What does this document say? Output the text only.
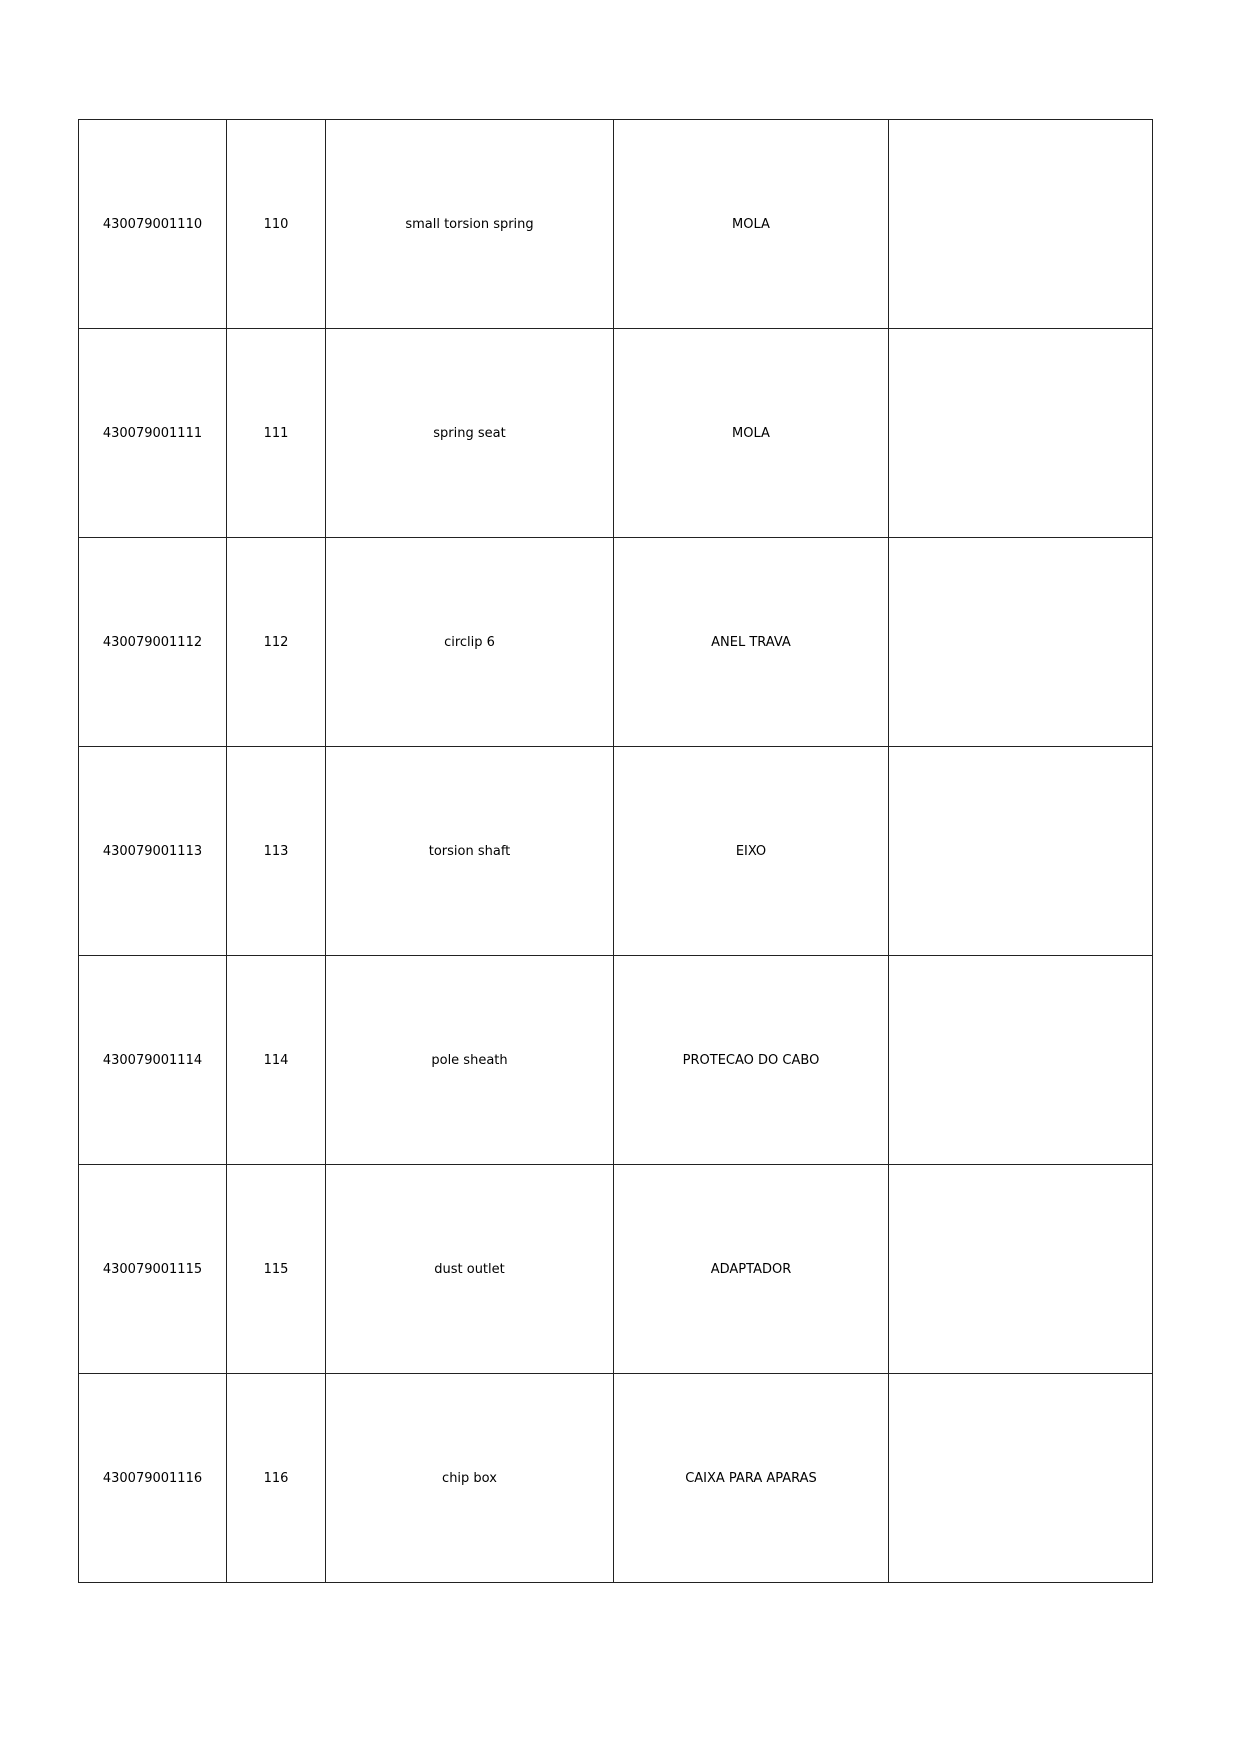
430079001110	110	small torsion spring	MOLA	
430079001111	111	spring seat	MOLA	
430079001112	112	circlip 6	ANEL TRAVA	
430079001113	113	torsion shaft	EIXO	
430079001114	114	pole sheath	PROTECAO DO CABO	
430079001115	115	dust outlet	ADAPTADOR	
430079001116	116	chip box	CAIXA PARA APARAS	
